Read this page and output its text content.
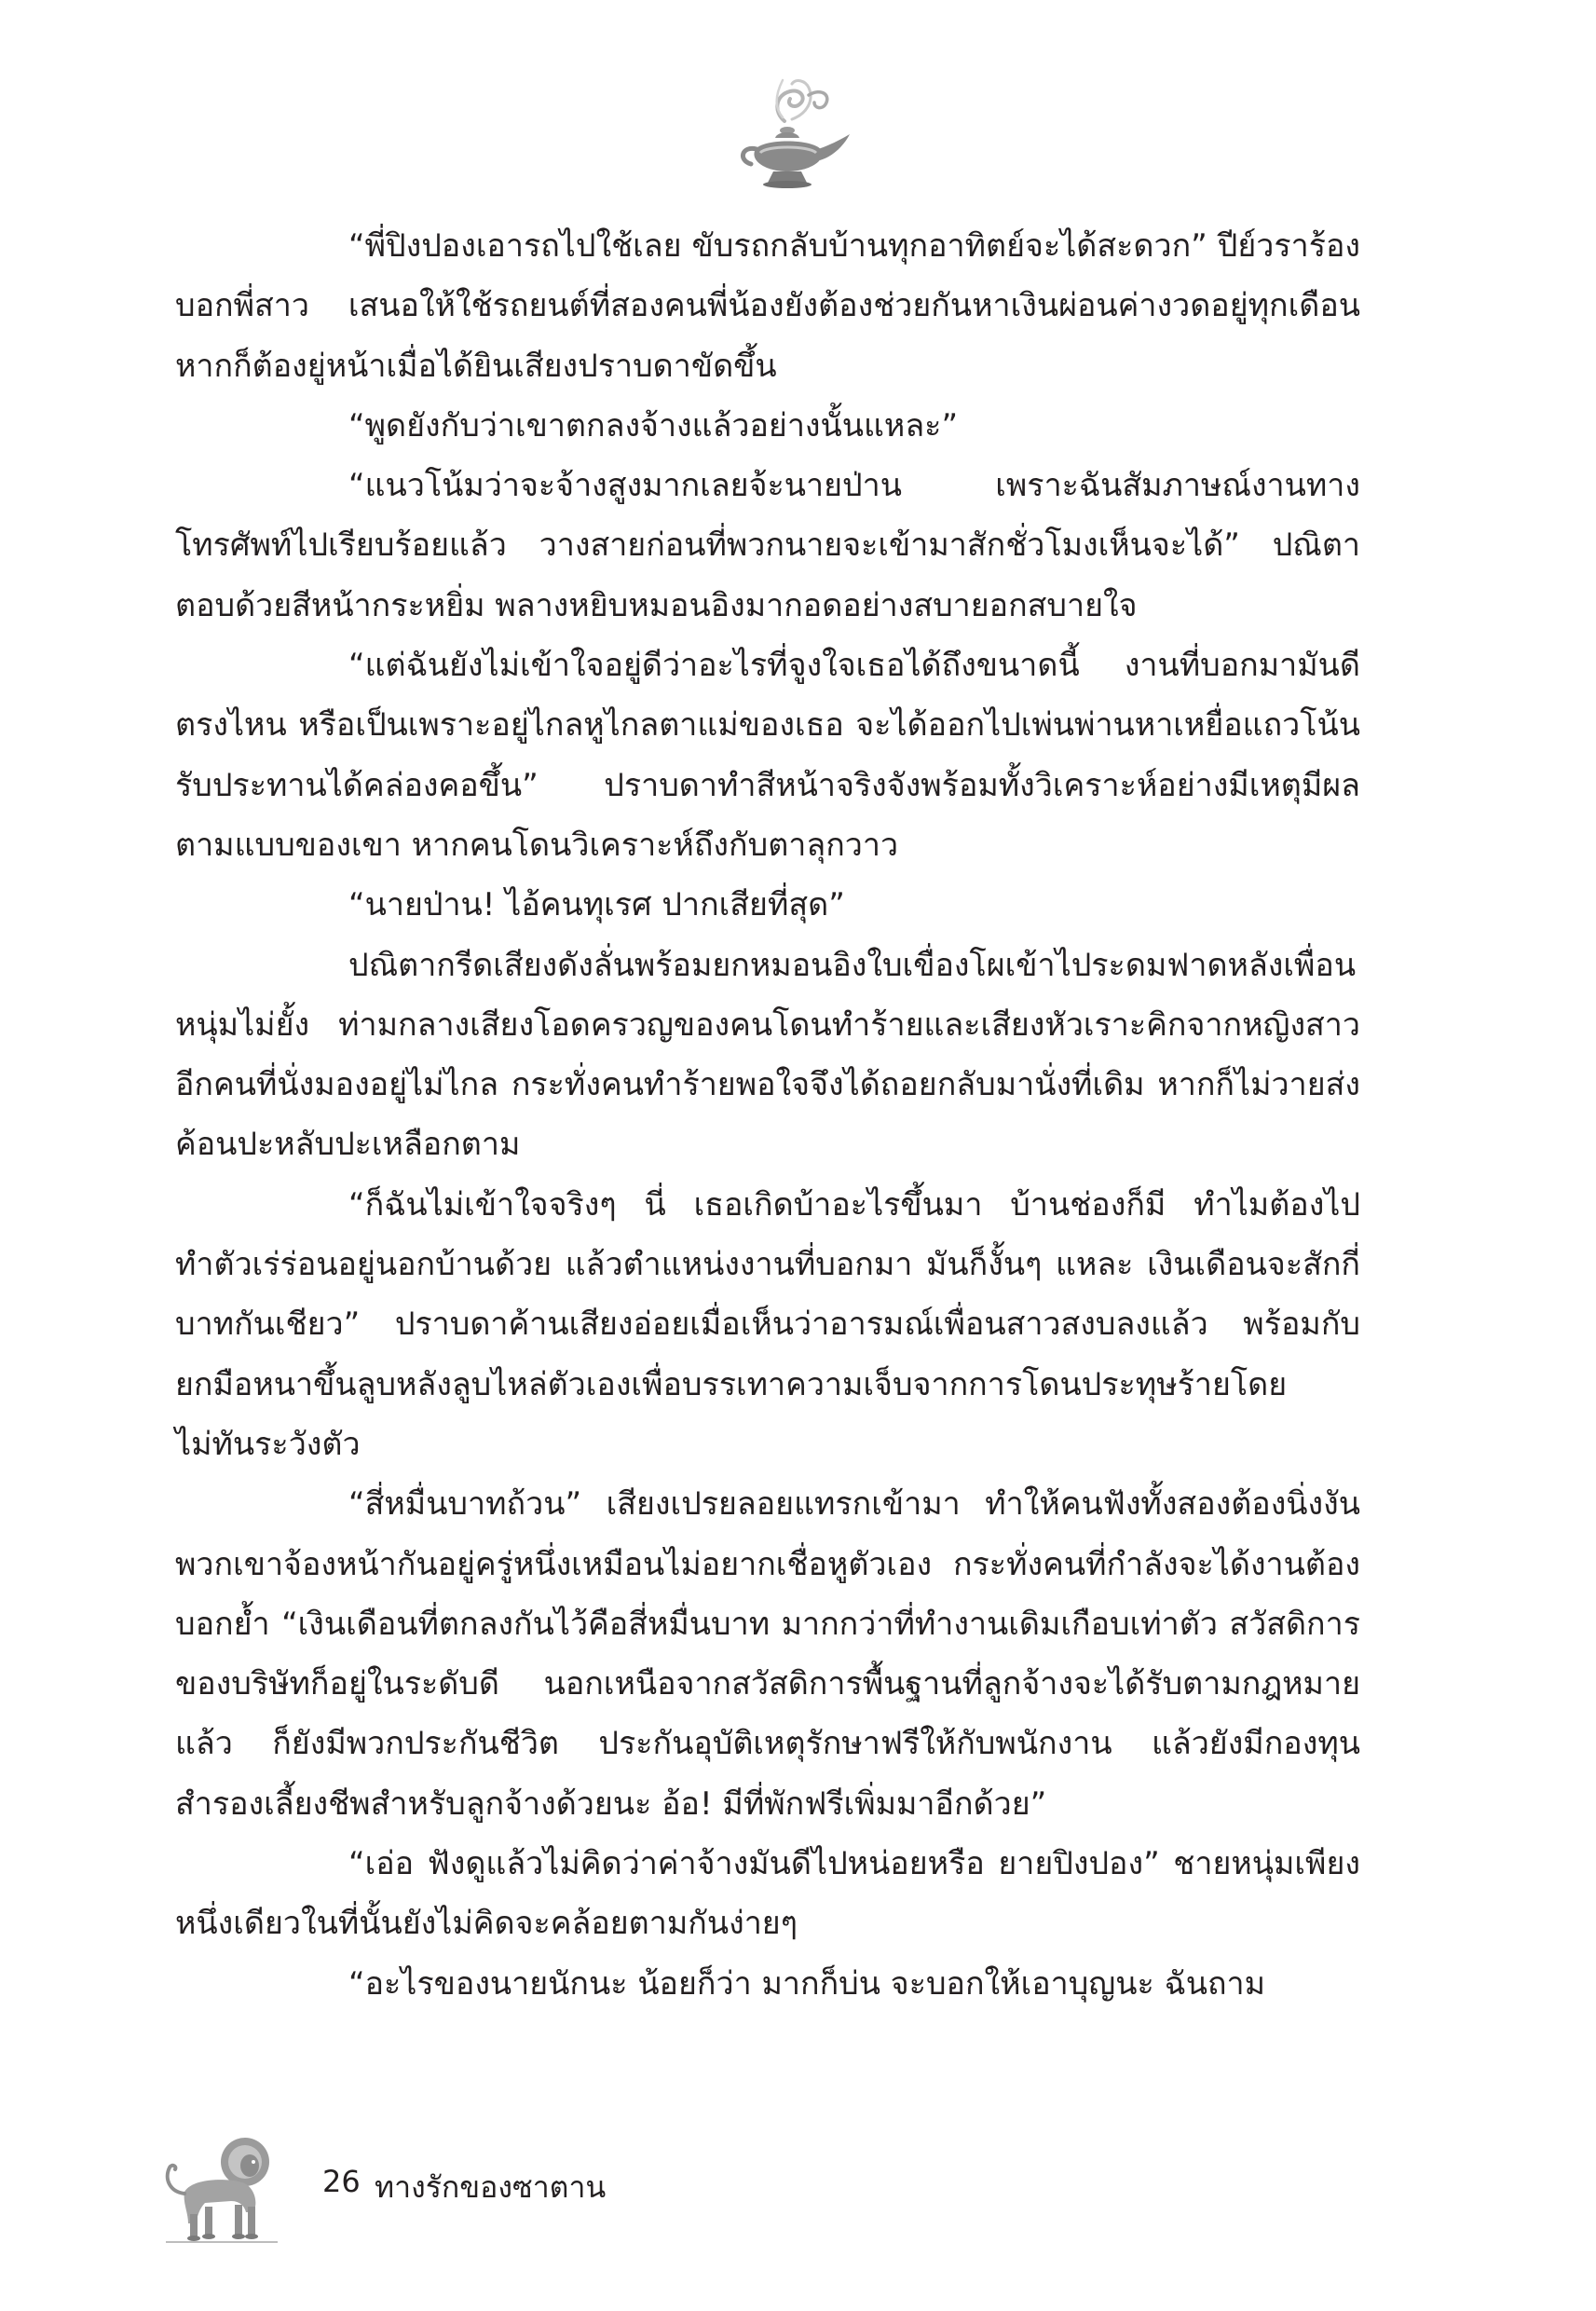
“พี่ปิงปองเอารถไปใช้เลย ขับรถกลับบ้านทุกอาทิตย์จะได้สะดวก” ปีย์วราร้องบอกพี่สาว เสนอให้ใช้รถยนต์ที่สองคนพี่น้องยังต้องช่วยกันหาเงินผ่อนค่างวดอยู่ทุกเดือน หากก็ต้องยู่หน้าเมื่อได้ยินเสียงปราบดาขัดขึ้น

“พูดยังกับว่าเขาตกลงจ้างแล้วอย่างนั้นแหละ”

“แนวโน้มว่าจะจ้างสูงมากเลยจ้ะนายป่าน เพราะฉันสัมภาษณ์งานทางโทรศัพท์ไปเรียบร้อยแล้ว วางสายก่อนที่พวกนายจะเข้ามาสักชั่วโมงเห็นจะได้” ปณิตาตอบด้วยสีหน้ากระหยิ่ม พลางหยิบหมอนอิงมากอดอย่างสบายอกสบายใจ

“แต่ฉันยังไม่เข้าใจอยู่ดีว่าอะไรที่จูงใจเธอได้ถึงขนาดนี้ งานที่บอกมามันดีตรงไหน หรือเป็นเพราะอยู่ไกลหูไกลตาแม่ของเธอ จะได้ออกไปเพ่นพ่านหาเหยื่อแถวโน้นรับประทานได้คล่องคอขึ้น” ปราบดาทำสีหน้าจริงจังพร้อมทั้งวิเคราะห์อย่างมีเหตุมีผลตามแบบของเขา หากคนโดนวิเคราะห์ถึงกับตาลุกวาว

“นายป่าน! ไอ้คนทุเรศ ปากเสียที่สุด”

ปณิตากรีดเสียงดังลั่นพร้อมยกหมอนอิงใบเขื่องโผเข้าไประดมฟาดหลังเพื่อนหนุ่มไม่ยั้ง ท่ามกลางเสียงโอดครวญของคนโดนทำร้ายและเสียงหัวเราะคิกจากหญิงสาวอีกคนที่นั่งมองอยู่ไม่ไกล กระทั่งคนทำร้ายพอใจจึงได้ถอยกลับมานั่งที่เดิม หากก็ไม่วายส่งค้อนปะหลับปะเหลือกตาม

“ก็ฉันไม่เข้าใจจริงๆ นี่ เธอเกิดบ้าอะไรขึ้นมา บ้านช่องก็มี ทำไมต้องไปทำตัวเร่ร่อนอยู่นอกบ้านด้วย แล้วตำแหน่งงานที่บอกมา มันก็งั้นๆ แหละ เงินเดือนจะสักกี่บาทกันเชียว” ปราบดาค้านเสียงอ่อยเมื่อเห็นว่าอารมณ์เพื่อนสาวสงบลงแล้ว พร้อมกับยกมือหนาขึ้นลูบหลังลูบไหล่ตัวเองเพื่อบรรเทาความเจ็บจากการโดนประทุษร้ายโดยไม่ทันระวังตัว

“สี่หมื่นบาทถ้วน” เสียงเปรยลอยแทรกเข้ามา ทำให้คนฟังทั้งสองต้องนิ่งงัน พวกเขาจ้องหน้ากันอยู่ครู่หนึ่งเหมือนไม่อยากเชื่อหูตัวเอง กระทั่งคนที่กำลังจะได้งานต้องบอกย้ำ “เงินเดือนที่ตกลงกันไว้คือสี่หมื่นบาท มากกว่าที่ทำงานเดิมเกือบเท่าตัว สวัสดิการของบริษัทก็อยู่ในระดับดี นอกเหนือจากสวัสดิการพื้นฐานที่ลูกจ้างจะได้รับตามกฎหมายแล้ว ก็ยังมีพวกประกันชีวิต ประกันอุบัติเหตุรักษาฟรีให้กับพนักงาน แล้วยังมีกองทุนสำรองเลี้ยงชีพสำหรับลูกจ้างด้วยนะ อ้อ! มีที่พักฟรีเพิ่มมาอีกด้วย”

“เอ่อ ฟังดูแล้วไม่คิดว่าค่าจ้างมันดีไปหน่อยหรือ ยายปิงปอง” ชายหนุ่มเพียงหนึ่งเดียวในที่นั้นยังไม่คิดจะคล้อยตามกันง่ายๆ

“อะไรของนายนักนะ น้อยก็ว่า มากก็บ่น จะบอกให้เอาบุญนะ ฉันถาม

26 ทางรักของซาตาน
